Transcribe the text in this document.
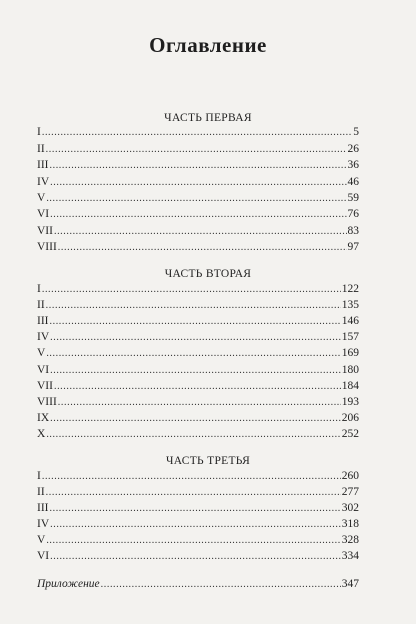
Оглавление
ЧАСТЬ ПЕРВАЯ
I .....	5
II .....	26
III .....	36
IV .....	46
V .....	59
VI .....	76
VII .....	83
VIII .....	97
ЧАСТЬ ВТОРАЯ
I .....	122
II .....	135
III .....	146
IV .....	157
V .....	169
VI .....	180
VII .....	184
VIII .....	193
IX .....	206
X .....	252
ЧАСТЬ ТРЕТЬЯ
I .....	260
II .....	277
III .....	302
IV .....	318
V .....	328
VI .....	334
Приложение .....	347
